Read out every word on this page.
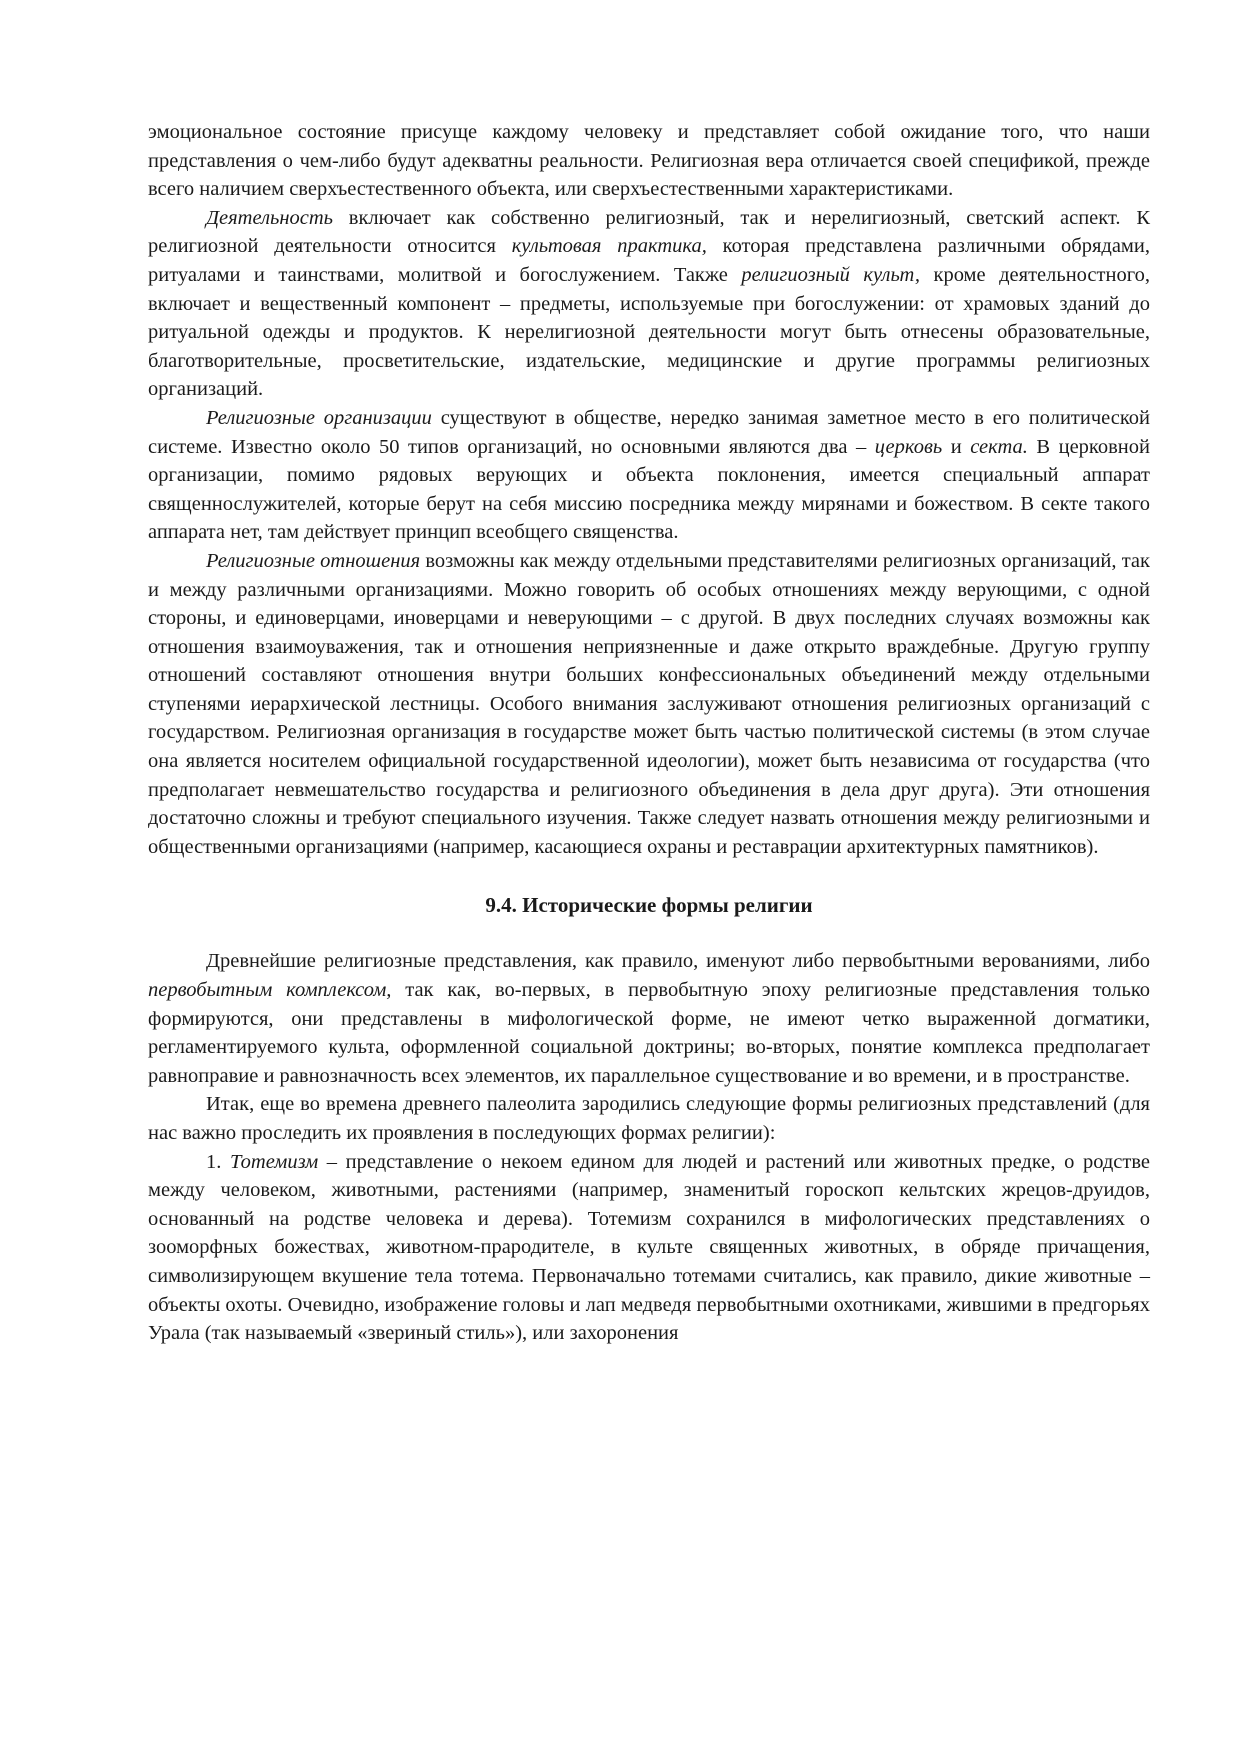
эмоциональное состояние присуще каждому человеку и представляет собой ожидание того, что наши представления о чем-либо будут адекватны реальности. Религиозная вера отличается своей спецификой, прежде всего наличием сверхъестественного объекта, или сверхъестественными характеристиками.

Деятельность включает как собственно религиозный, так и нерелигиозный, светский аспект. К религиозной деятельности относится культовая практика, которая представлена различными обрядами, ритуалами и таинствами, молитвой и богослужением. Также религиозный культ, кроме деятельностного, включает и вещественный компонент – предметы, используемые при богослужении: от храмовых зданий до ритуальной одежды и продуктов. К нерелигиозной деятельности могут быть отнесены образовательные, благотворительные, просветительские, издательские, медицинские и другие программы религиозных организаций.

Религиозные организации существуют в обществе, нередко занимая заметное место в его политической системе. Известно около 50 типов организаций, но основными являются два – церковь и секта. В церковной организации, помимо рядовых верующих и объекта поклонения, имеется специальный аппарат священнослужителей, которые берут на себя миссию посредника между мирянами и божеством. В секте такого аппарата нет, там действует принцип всеобщего священства.

Религиозные отношения возможны как между отдельными представителями религиозных организаций, так и между различными организациями. Можно говорить об особых отношениях между верующими, с одной стороны, и единоверцами, иноверцами и неверующими – с другой. В двух последних случаях возможны как отношения взаимоуважения, так и отношения неприязненные и даже открыто враждебные. Другую группу отношений составляют отношения внутри больших конфессиональных объединений между отдельными ступенями иерархической лестницы. Особого внимания заслуживают отношения религиозных организаций с государством. Религиозная организация в государстве может быть частью политической системы (в этом случае она является носителем официальной государственной идеологии), может быть независима от государства (что предполагает невмешательство государства и религиозного объединения в дела друг друга). Эти отношения достаточно сложны и требуют специального изучения. Также следует назвать отношения между религиозными и общественными организациями (например, касающиеся охраны и реставрации архитектурных памятников).

9.4. Исторические формы религии

Древнейшие религиозные представления, как правило, именуют либо первобытными верованиями, либо первобытным комплексом, так как, во-первых, в первобытную эпоху религиозные представления только формируются, они представлены в мифологической форме, не имеют четко выраженной догматики, регламентируемого культа, оформленной социальной доктрины; во-вторых, понятие комплекса предполагает равноправие и равнозначность всех элементов, их параллельное существование и во времени, и в пространстве.

Итак, еще во времена древнего палеолита зародились следующие формы религиозных представлений (для нас важно проследить их проявления в последующих формах религии):

1. Тотемизм – представление о некоем едином для людей и растений или животных предке, о родстве между человеком, животными, растениями (например, знаменитый гороскоп кельтских жрецов-друидов, основанный на родстве человека и дерева). Тотемизм сохранился в мифологических представлениях о зооморфных божествах, животном-прародителе, в культе священных животных, в обряде причащения, символизирующем вкушение тела тотема. Первоначально тотемами считались, как правило, дикие животные – объекты охоты. Очевидно, изображение головы и лап медведя первобытными охотниками, жившими в предгорьях Урала (так называемый «звериный стиль»), или захоронения
